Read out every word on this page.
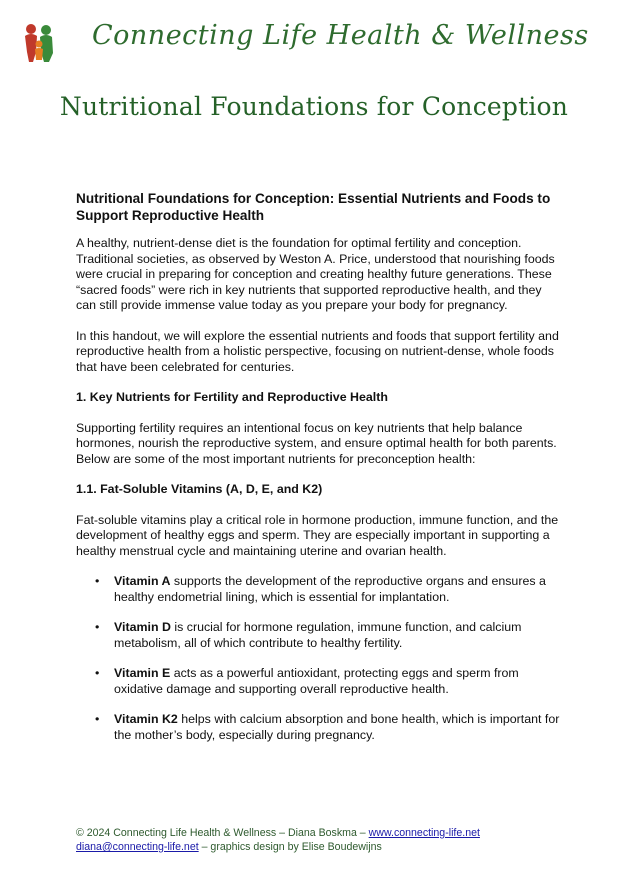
Connecting Life Health & Wellness
Nutritional Foundations for Conception

Nutritional Foundations for Conception: Essential Nutrients and Foods to Support Reproductive Health

A healthy, nutrient-dense diet is the foundation for optimal fertility and conception. Traditional societies, as observed by Weston A. Price, understood that nourishing foods were crucial in preparing for conception and creating healthy future generations. These “sacred foods” were rich in key nutrients that supported reproductive health, and they can still provide immense value today as you prepare your body for pregnancy.

In this handout, we will explore the essential nutrients and foods that support fertility and reproductive health from a holistic perspective, focusing on nutrient-dense, whole foods that have been celebrated for centuries.

1. Key Nutrients for Fertility and Reproductive Health

Supporting fertility requires an intentional focus on key nutrients that help balance hormones, nourish the reproductive system, and ensure optimal health for both parents. Below are some of the most important nutrients for preconception health:

1.1. Fat-Soluble Vitamins (A, D, E, and K2)

Fat-soluble vitamins play a critical role in hormone production, immune function, and the development of healthy eggs and sperm. They are especially important in supporting a healthy menstrual cycle and maintaining uterine and ovarian health.

• Vitamin A supports the development of the reproductive organs and ensures a healthy endometrial lining, which is essential for implantation.
• Vitamin D is crucial for hormone regulation, immune function, and calcium metabolism, all of which contribute to healthy fertility.
• Vitamin E acts as a powerful antioxidant, protecting eggs and sperm from oxidative damage and supporting overall reproductive health.
• Vitamin K2 helps with calcium absorption and bone health, which is important for the mother’s body, especially during pregnancy.
© 2024 Connecting Life Health & Wellness – Diana Boskma – www.connecting-life.net
diana@connecting-life.net – graphics design by Elise Boudewijns
